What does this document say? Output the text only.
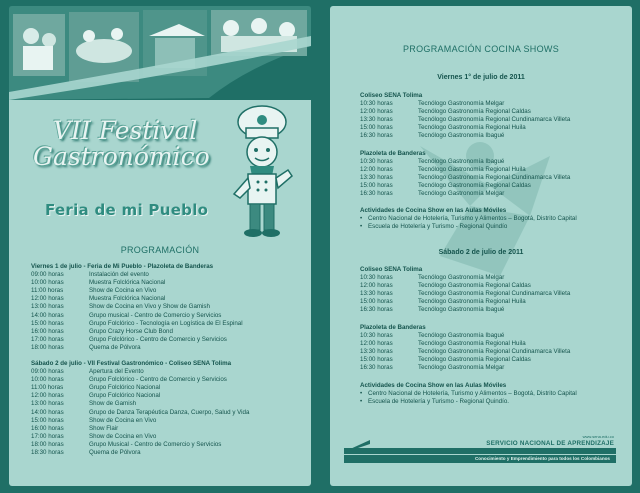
VII Festival
Gastronómico
Feria de mi Pueblo
PROGRAMACIÓN
Viernes 1 de julio - Feria de Mi Pueblo - Plazoleta de Banderas
09:00 horas	Instalación del evento
10:00 horas	Muestra Folclórica Nacional
11:00 horas	Show de Cocina en Vivo
12:00 horas	Muestra Folclórica Nacional
13:00 horas	Show de Cocina en Vivo y Show de Gamish
14:00 horas	Grupo musical - Centro de Comercio y Servicios
15:00 horas	Grupo Folclórico - Tecnología en Logística de El Espinal
16:00 horas	Grupo Crazy Horse Club Bond
17:00 horas	Grupo Folclórico - Centro de Comercio y Servicios
18:00 horas	Quema de Pólvora
Sábado 2 de julio - VII Festival Gastronómico - Coliseo SENA Tolima
09:00 horas	Apertura del Evento
10:00 horas	Grupo Folclórico - Centro de Comercio y Servicios
11:00 horas	Grupo Folclórico Nacional
12:00 horas	Grupo Folclórico Nacional
13:00 horas	Show de Gamish
14:00 horas	Grupo de Danza Terapéutica Danza, Cuerpo, Salud y Vida
15:00 horas	Show de Cocina en Vivo
16:00 horas	Show Flair
17:00 horas	Show de Cocina en Vivo
18:00 horas	Grupo Musical - Centro de Comercio y Servicios
18:30 horas	Quema de Pólvora
PROGRAMACIÓN COCINA SHOWS
Viernes 1° de julio de 2011
Coliseo SENA Tolima
10:30 horas	Tecnólogo Gastronomía Melgar
12:00 horas	Tecnólogo Gastronomía Regional Caldas
13:30 horas	Tecnólogo Gastronomía Regional Cundinamarca Villeta
15:00 horas	Tecnólogo Gastronomía Regional Huila
16:30 horas	Tecnólogo Gastronomía Ibagué
Plazoleta de Banderas
10:30 horas	Tecnólogo Gastronomía Ibagué
12:00 horas	Tecnólogo Gastronomía Regional Huila
13:30 horas	Tecnólogo Gastronomía Regional Cundinamarca Villeta
15:00 horas	Tecnólogo Gastronomía Regional Caldas
16:30 horas	Tecnólogo Gastronomía Melgar
Actividades de Cocina Show en las Aulas Móviles
• Centro Nacional de Hotelería, Turismo y Alimentos – Bogotá, Distrito Capital
• Escuela de Hotelería y Turismo - Regional Quindío
Sábado 2 de julio de 2011
Coliseo SENA Tolima
10:30 horas	Tecnólogo Gastronomía Melgar
12:00 horas	Tecnólogo Gastronomía Regional Caldas
13:30 horas	Tecnólogo Gastronomía Regional Cundinamarca Villeta
15:00 horas	Tecnólogo Gastronomía Regional Huila
16:30 horas	Tecnólogo Gastronomía Ibagué
Plazoleta de Banderas
10:30 horas	Tecnólogo Gastronomía Ibagué
12:00 horas	Tecnólogo Gastronomía Regional Huila
13:30 horas	Tecnólogo Gastronomía Regional Cundinamarca Villeta
15:00 horas	Tecnólogo Gastronomía Regional Caldas
16:30 horas	Tecnólogo Gastronomía Melgar
Actividades de Cocina Show en las Aulas Móviles
• Centro Nacional de Hotelería, Turismo y Alimentos – Bogotá, Distrito Capital
• Escuela de Hotelería y Turismo - Regional Quindío.
www.sena.edu.co
SERVICIO NACIONAL DE APRENDIZAJE
Conocimiento y Emprendimiento para todos los Colombianos
